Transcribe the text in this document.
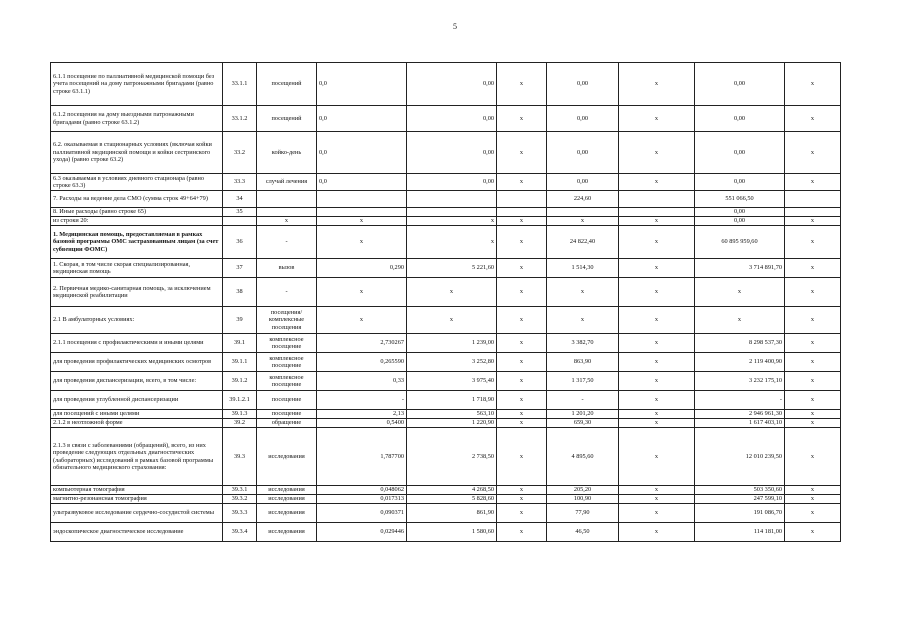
5
6.1.1 посещение по паллиативной медицинской помощи без учета посещений на дому патронажными бригадами (равно строке 63.1.1)	33.1.1	посещений	0,0	0,00	x	0,00	x	0,00	x
6.1.2 посещения на дому выездными патронажными бригадами (равно строке 63.1.2)	33.1.2	посещений	0,0	0,00	x	0,00	x	0,00	x
6.2. оказываемая в стационарных условиях (включая койки паллиативной медицинской помощи и койки сестринского ухода) (равно строке 63.2)	33.2	койко-день	0,0	0,00	x	0,00	x	0,00	x
6.3 оказываемая в условиях дневного стационара (равно строке 63.3)	33.3	случай лечения	0,0	0,00	x	0,00	x	0,00	x
7. Расходы на ведение дела СМО (сумма строк 49+64+79)	34					224,60		551 066,50	
8. Иные расходы (равно строке 65)	35							0,00	
из строки 20:		x	x	x	x	x	x	0,00	x
1. Медицинская помощь, предоставляемая в рамках базовой программы ОМС застрахованным лицам (за счет субвенции ФОМС)	36	-	x	x	x	24 822,40	x	60 895 959,60	x
1. Скорая, в том числе скорая специализированная, медицинская помощь	37	вызов	0,290	5 221,60	x	1 514,30	x	3 714 891,70	x
2. Первичная медико-санитарная помощь, за исключением медицинской реабилитации	38	-	x	x	x	x	x	x	x
2.1 В амбулаторных условиях:	39	посещения/комплексные посещения	x	x	x	x	x	x	x
2.1.1 посещения с профилактическими и иными целями	39.1	комплексное посещение	2,730267	1 239,00	x	3 382,70	x	8 298 537,30	x
для проведения профилактических медицинских осмотров	39.1.1	комплексное посещение	0,265590	3 252,80	x	863,90	x	2 119 400,90	x
для проведения диспансеризации, всего, в том числе:	39.1.2	комплексное посещение	0,33	3 975,40	x	1 317,50	x	3 232 175,10	x
для проведения углубленной диспансеризации	39.1.2.1	посещение	-	1 718,90	x	-	x	-	x
для посещений с иными целями	39.1.3	посещение	2,13	563,10	x	1 201,20	x	2 946 961,30	x
2.1.2 в неотложной форме	39.2	обращение	0,5400	1 220,90	x	659,30	x	1 617 403,10	x
2.1.3 в связи с заболеваниями (обращений), всего, из них проведение следующих отдельных диагностических (лабораторных) исследований в рамках базовой программы обязательного медицинского страхования:	39.3	исследования	1,787700	2 738,50	x	4 895,60	x	12 010 239,50	x
компьютерная томография	39.3.1	исследования	0,048062	4 268,50	x	205,20	x	503 350,60	x
магнитно-резонансная томография	39.3.2	исследования	0,017313	5 828,60	x	100,90	x	247 599,10	x
ультразвуковое исследование сердечно-сосудистой системы	39.3.3	исследования	0,090371	861,90	x	77,90	x	191 086,70	x
эндоскопическое диагностическое исследование	39.3.4	исследования	0,029446	1 580,60	x	46,50	x	114 181,00	x
